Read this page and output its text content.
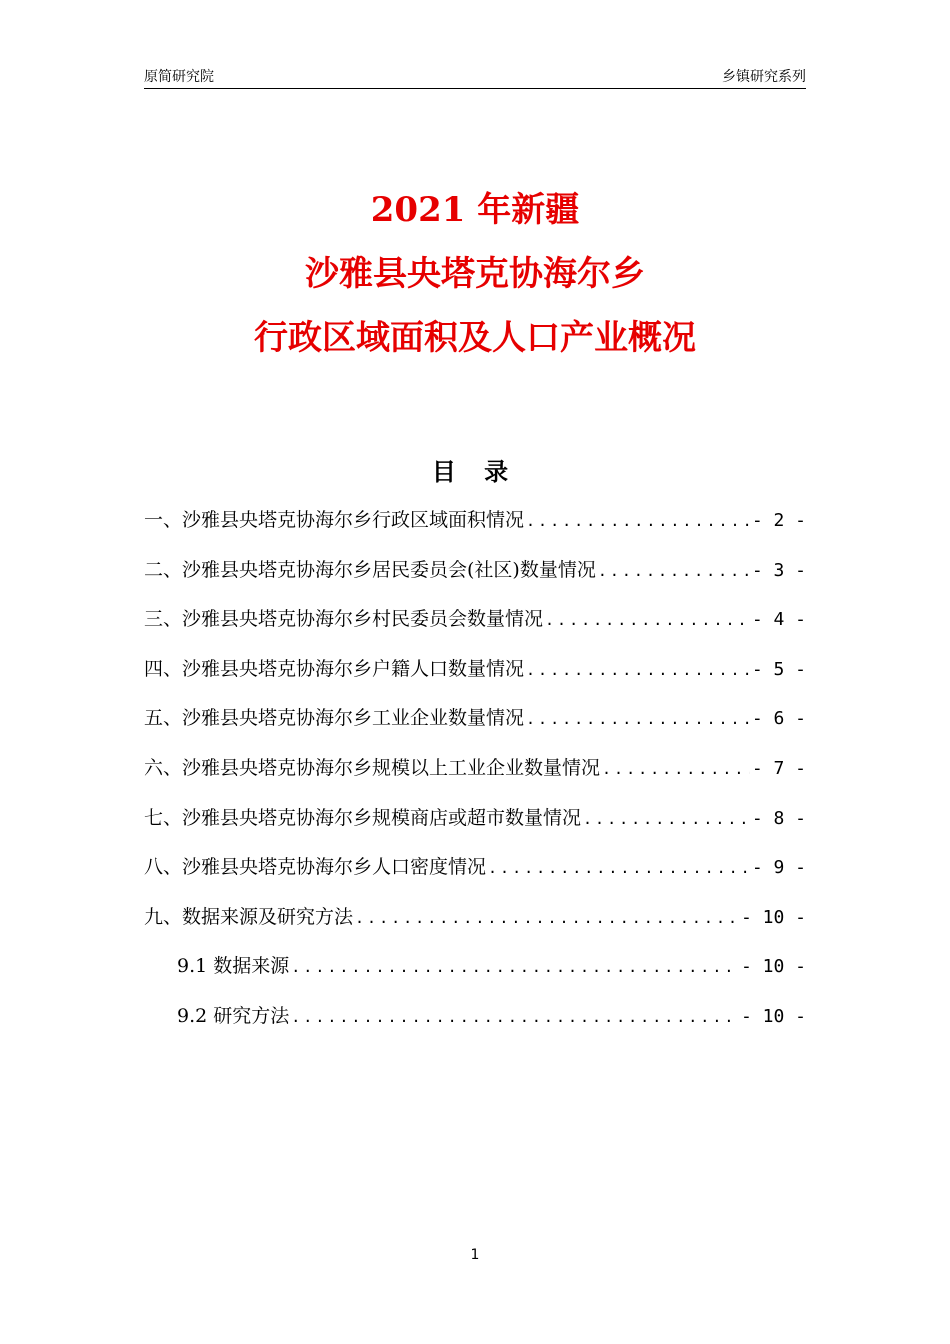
原简研究院	乡镇研究系列
2021 年新疆
沙雅县央塔克协海尔乡
行政区域面积及人口产业概况
目 录
一、沙雅县央塔克协海尔乡行政区域面积情况 .....	- 2 -
二、沙雅县央塔克协海尔乡居民委员会(社区)数量情况 .....	- 3 -
三、沙雅县央塔克协海尔乡村民委员会数量情况 .....	- 4 -
四、沙雅县央塔克协海尔乡户籍人口数量情况 .....	- 5 -
五、沙雅县央塔克协海尔乡工业企业数量情况 .....	- 6 -
六、沙雅县央塔克协海尔乡规模以上工业企业数量情况 .....	- 7 -
七、沙雅县央塔克协海尔乡规模商店或超市数量情况 .....	- 8 -
八、沙雅县央塔克协海尔乡人口密度情况 .....	- 9 -
九、数据来源及研究方法 .....	- 10 -
9.1 数据来源 .....	- 10 -
9.2 研究方法 .....	- 10 -
1
